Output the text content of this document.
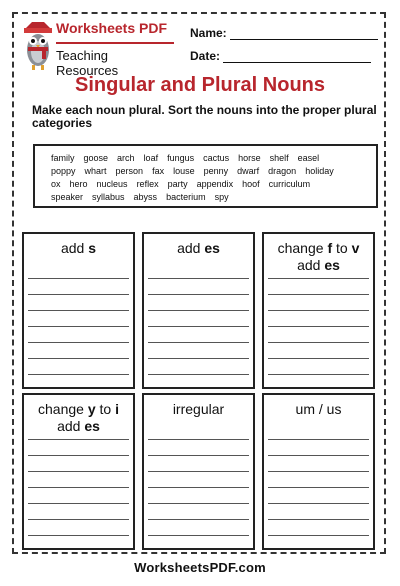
Worksheets PDF
Teaching Resources
Name:
Date:
Singular and Plural Nouns
Make each noun plural. Sort the nouns into the proper plural categories
family goose arch loaf fungus cactus horse shelf easel
poppy whart person fax louse penny dwarf dragon holiday
ox hero nucleus reflex party appendix hoof curriculum
speaker syllabus abyss bacterium spy
add s	add es	change f to v
add es
change y to i
add es
irregular	um / us
WorksheetsPDF.com
